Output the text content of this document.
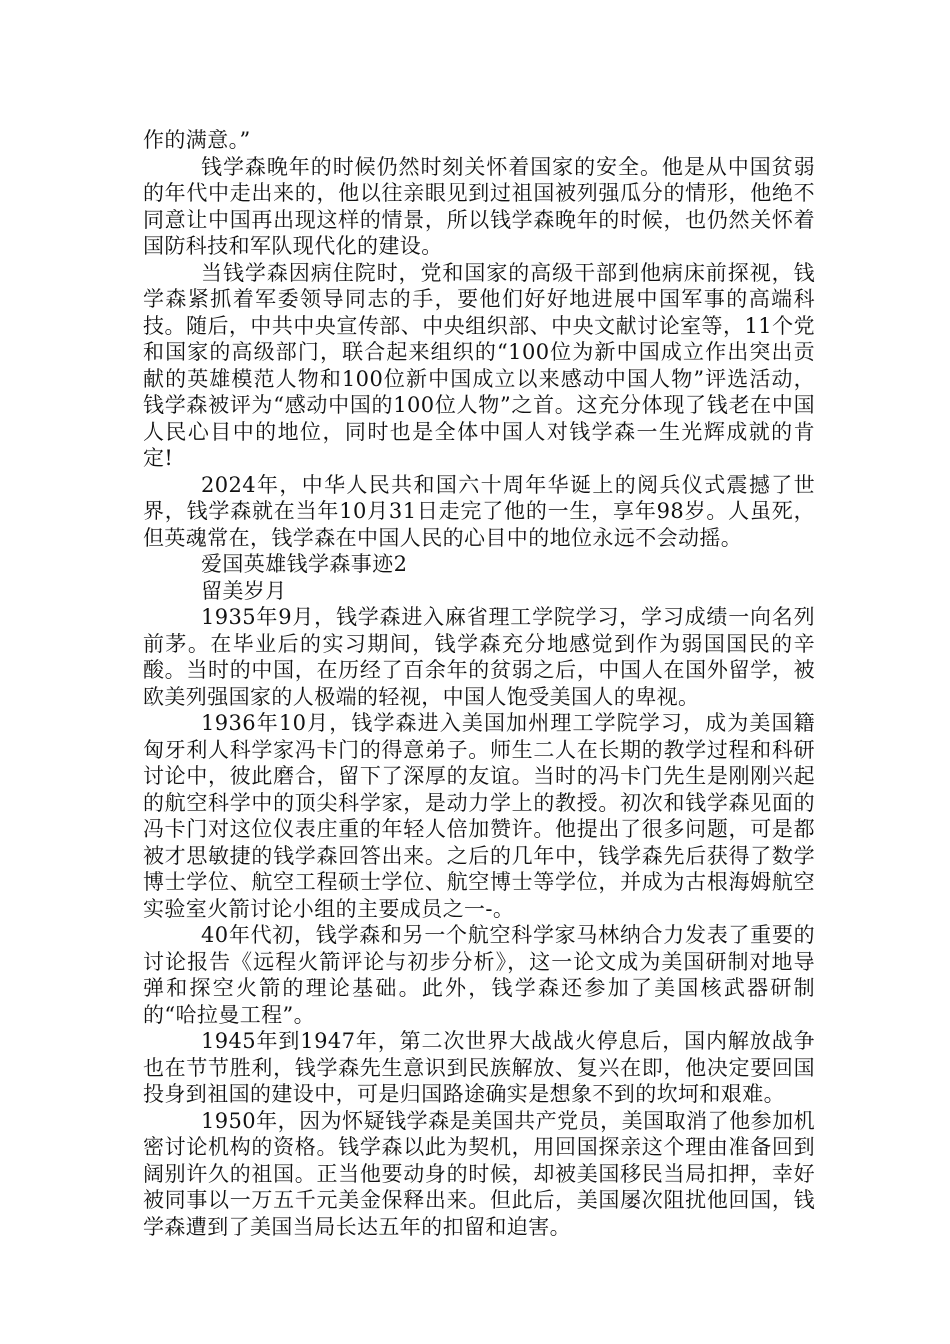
作的满意。”

钱学森晚年的时候仍然时刻关怀着国家的安全。他是从中国贫弱的年代中走出来的，他以往亲眼见到过祖国被列强瓜分的情形，他绝不同意让中国再出现这样的情景，所以钱学森晚年的时候，也仍然关怀着国防科技和军队现代化的建设。

当钱学森因病住院时，党和国家的高级干部到他病床前探视，钱学森紧抓着军委领导同志的手，要他们好好地进展中国军事的高端科技。随后，中共中央宣传部、中央组织部、中央文献讨论室等，11个党和国家的高级部门，联合起来组织的“100位为新中国成立作出突出贡献的英雄模范人物和100位新中国成立以来感动中国人物”评选活动，钱学森被评为“感动中国的100位人物”之首。这充分体现了钱老在中国人民心目中的地位，同时也是全体中国人对钱学森一生光辉成就的肯定!

2024年，中华人民共和国六十周年华诞上的阅兵仪式震撼了世界，钱学森就在当年10月31日走完了他的一生，享年98岁。人虽死，但英魂常在，钱学森在中国人民的心目中的地位永远不会动摇。

爱国英雄钱学森事迹2

留美岁月

1935年9月，钱学森进入麻省理工学院学习，学习成绩一向名列前茅。在毕业后的实习期间，钱学森充分地感觉到作为弱国国民的辛酸。当时的中国，在历经了百余年的贫弱之后，中国人在国外留学，被欧美列强国家的人极端的轻视，中国人饱受美国人的卑视。

1936年10月，钱学森进入美国加州理工学院学习，成为美国籍匈牙利人科学家冯卡门的得意弟子。师生二人在长期的教学过程和科研讨论中，彼此磨合，留下了深厚的友谊。当时的冯卡门先生是刚刚兴起的航空科学中的顶尖科学家，是动力学上的教授。初次和钱学森见面的冯卡门对这位仪表庄重的年轻人倍加赞许。他提出了很多问题，可是都被才思敏捷的钱学森回答出来。之后的几年中，钱学森先后获得了数学博士学位、航空工程硕士学位、航空博士等学位，并成为古根海姆航空实验室火箭讨论小组的主要成员之一-。

40年代初，钱学森和另一个航空科学家马林纳合力发表了重要的讨论报告《远程火箭评论与初步分析》，这一论文成为美国研制对地导弹和探空火箭的理论基础。此外，钱学森还参加了美国核武器研制的“哈拉曼工程”。

1945年到1947年，第二次世界大战战火停息后，国内解放战争也在节节胜利，钱学森先生意识到民族解放、复兴在即，他决定要回国投身到祖国的建设中，可是归国路途确实是想象不到的坎坷和艰难。

1950年，因为怀疑钱学森是美国共产党员，美国取消了他参加机密讨论机构的资格。钱学森以此为契机，用回国探亲这个理由准备回到阔别许久的祖国。正当他要动身的时候，却被美国移民当局扣押，幸好被同事以一万五千元美金保释出来。但此后，美国屡次阻扰他回国，钱学森遭到了美国当局长达五年的扣留和迫害。
